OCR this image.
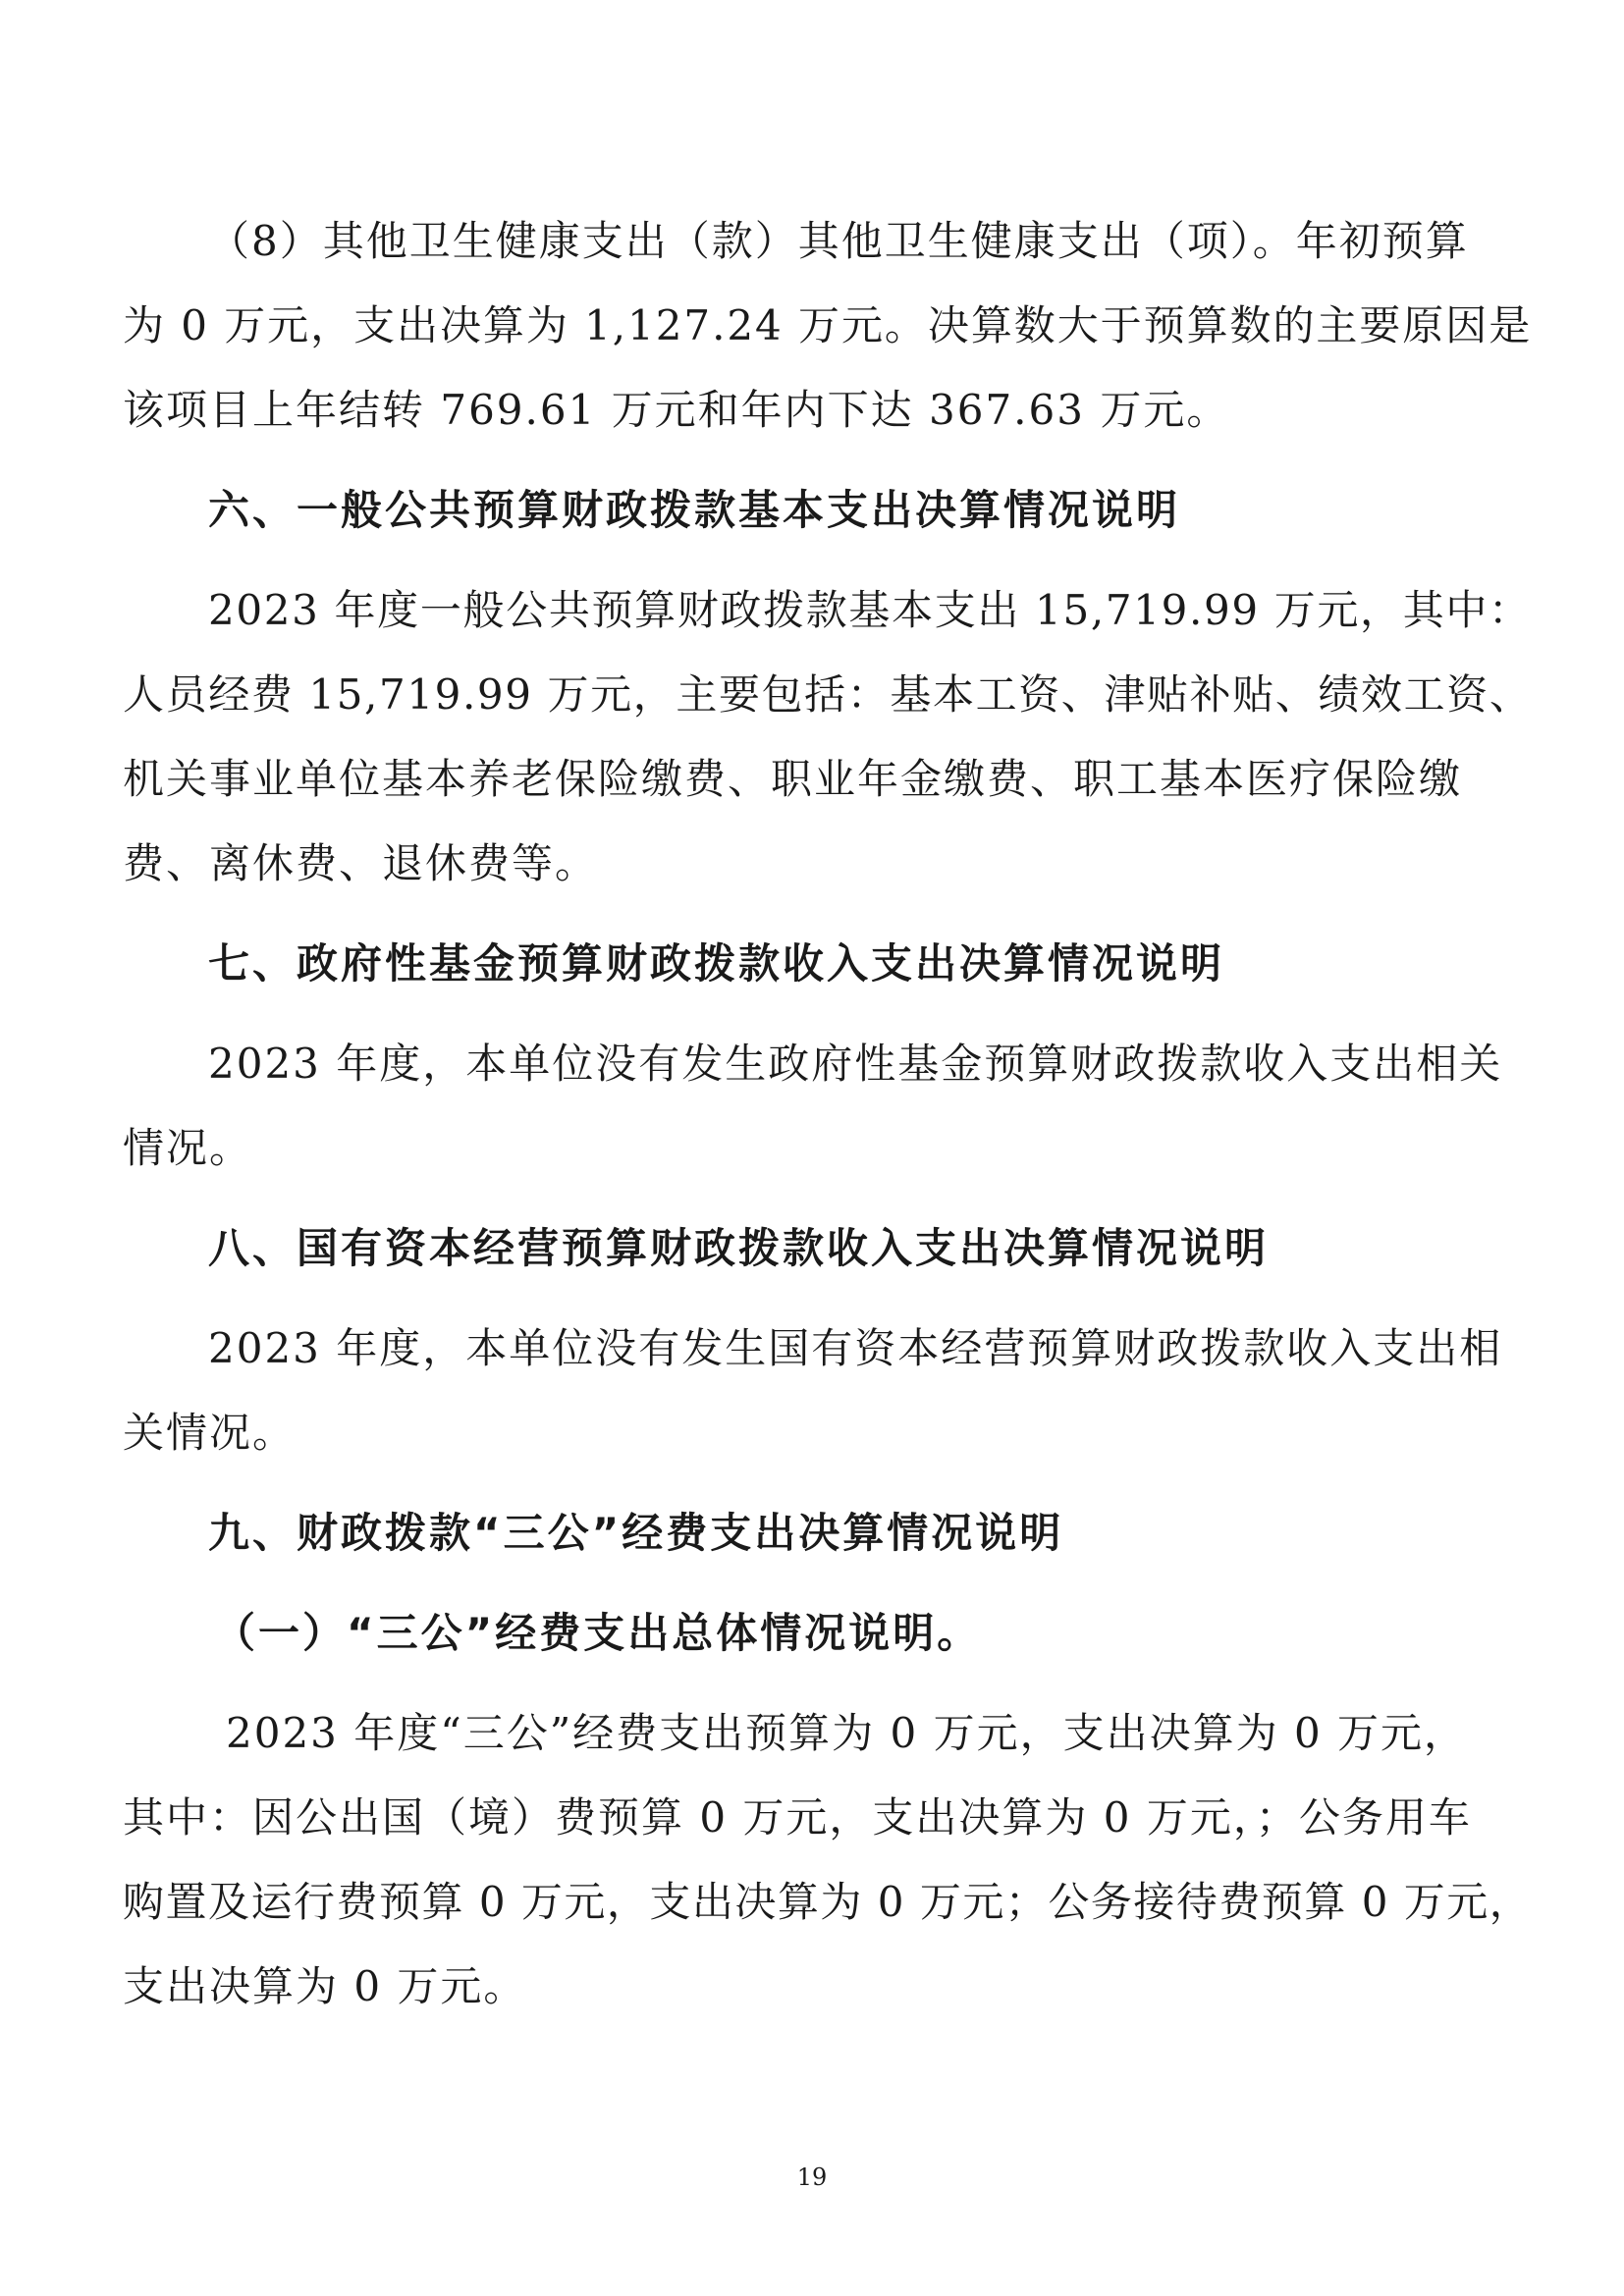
（8）其他卫生健康支出（款）其他卫生健康支出（项）。年初预算
为 0 万元，支出决算为 1,127.24 万元。决算数大于预算数的主要原因是
该项目上年结转 769.61 万元和年内下达 367.63 万元。
六、一般公共预算财政拨款基本支出决算情况说明
2023 年度一般公共预算财政拨款基本支出 15,719.99 万元，其中：
人员经费 15,719.99 万元，主要包括：基本工资、津贴补贴、绩效工资、
机关事业单位基本养老保险缴费、职业年金缴费、职工基本医疗保险缴
费、离休费、退休费等。
七、政府性基金预算财政拨款收入支出决算情况说明
2023 年度，本单位没有发生政府性基金预算财政拨款收入支出相关
情况。
八、国有资本经营预算财政拨款收入支出决算情况说明
2023 年度，本单位没有发生国有资本经营预算财政拨款收入支出相
关情况。
九、财政拨款“三公”经费支出决算情况说明
（一）“三公”经费支出总体情况说明。
2023 年度“三公”经费支出预算为 0 万元，支出决算为 0 万元，
其中：因公出国（境）费预算 0 万元，支出决算为 0 万元，；公务用车
购置及运行费预算 0 万元，支出决算为 0 万元；公务接待费预算 0 万元，
支出决算为 0 万元。
19
